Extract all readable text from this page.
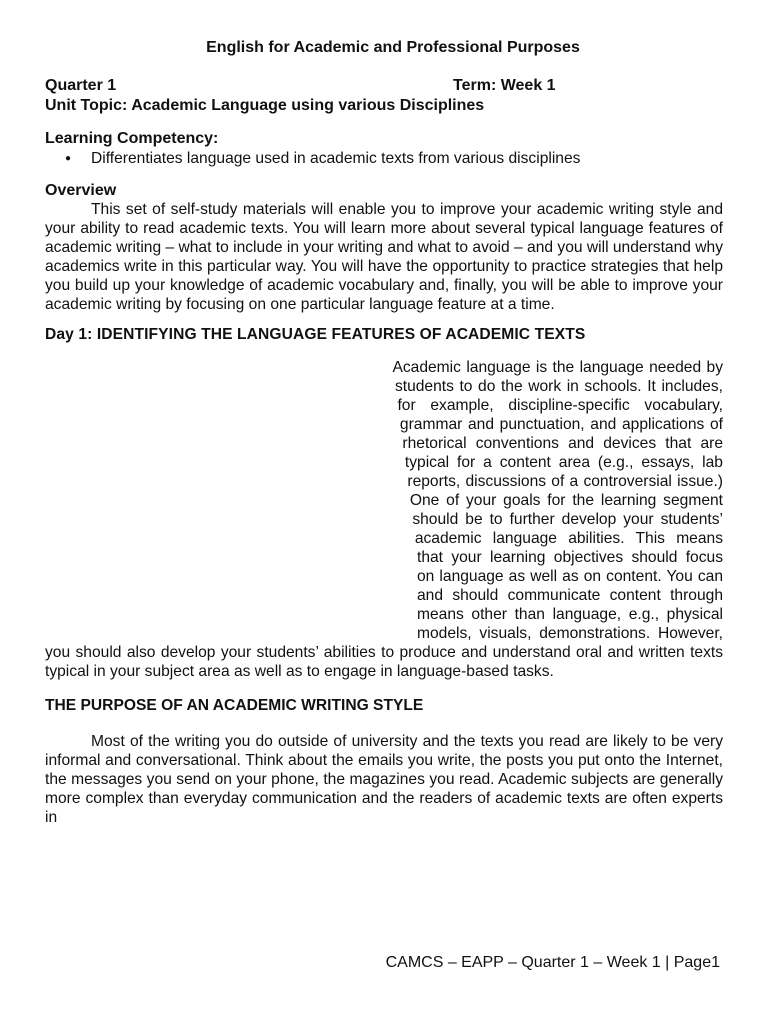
English for Academic and Professional Purposes
Quarter 1	Term: Week 1
Unit Topic: Academic Language using various Disciplines
Learning Competency:
●	Differentiates language used in academic texts from various disciplines
Overview

This set of self-study materials will enable you to improve your academic writing style and your ability to read academic texts. You will learn more about several typical language features of academic writing – what to include in your writing and what to avoid – and you will understand why academics write in this particular way. You will have the opportunity to practice strategies that help you build up your knowledge of academic vocabulary and, finally, you will be able to improve your academic writing by focusing on one particular language feature at a time.

Day 1: IDENTIFYING THE LANGUAGE FEATURES OF ACADEMIC TEXTS

Academic language is the language needed by students to do the work in schools. It includes, for example, discipline-specific vocabulary, grammar and punctuation, and applications of rhetorical conventions and devices that are typical for a content area (e.g., essays, lab reports, discussions of a controversial issue.) One of your goals for the learning segment should be to further develop your students’ academic language abilities. This means that your learning objectives should focus on language as well as on content. You can and should communicate content through means other than language, e.g., physical models, visuals, demonstrations. However, you should also develop your students’ abilities to produce and understand oral and written texts typical in your subject area as well as to engage in language-based tasks.

THE PURPOSE OF AN ACADEMIC WRITING STYLE

Most of the writing you do outside of university and the texts you read are likely to be very informal and conversational. Think about the emails you write, the posts you put onto the Internet, the messages you send on your phone, the magazines you read. Academic subjects are generally more complex than everyday communication and the readers of academic texts are often experts in

CAMCS – EAPP – Quarter 1 – Week 1 | Page1
